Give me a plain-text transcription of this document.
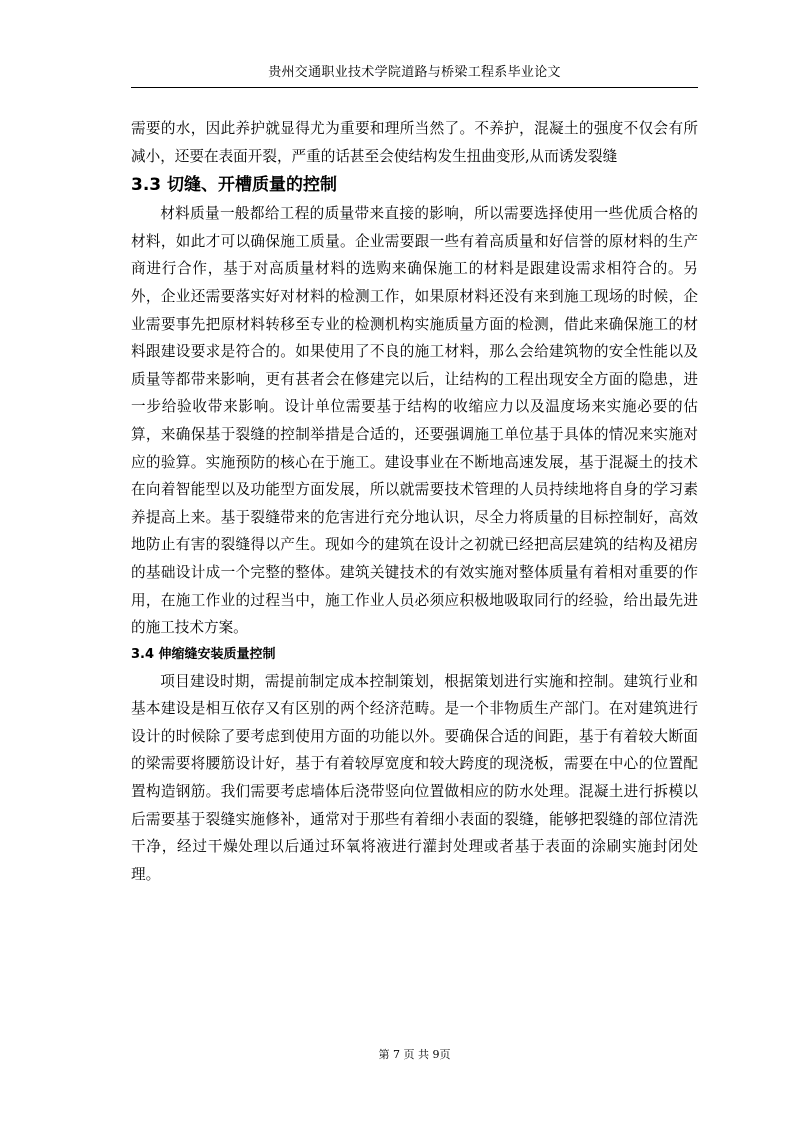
贵州交通职业技术学院道路与桥梁工程系毕业论文

需要的水，因此养护就显得尤为重要和理所当然了。不养护，混凝土的强度不仅会有所减小，还要在表面开裂，严重的话甚至会使结构发生扭曲变形,从而诱发裂缝

3.3 切缝、开槽质量的控制

材料质量一般都给工程的质量带来直接的影响，所以需要选择使用一些优质合格的材料，如此才可以确保施工质量。企业需要跟一些有着高质量和好信誉的原材料的生产商进行合作，基于对高质量材料的选购来确保施工的材料是跟建设需求相符合的。另外，企业还需要落实好对材料的检测工作，如果原材料还没有来到施工现场的时候，企业需要事先把原材料转移至专业的检测机构实施质量方面的检测，借此来确保施工的材料跟建设要求是符合的。如果使用了不良的施工材料，那么会给建筑物的安全性能以及质量等都带来影响，更有甚者会在修建完以后，让结构的工程出现安全方面的隐患，进一步给验收带来影响。设计单位需要基于结构的收缩应力以及温度场来实施必要的估算，来确保基于裂缝的控制举措是合适的，还要强调施工单位基于具体的情况来实施对应的验算。实施预防的核心在于施工。建设事业在不断地高速发展，基于混凝土的技术在向着智能型以及功能型方面发展，所以就需要技术管理的人员持续地将自身的学习素养提高上来。基于裂缝带来的危害进行充分地认识，尽全力将质量的目标控制好，高效地防止有害的裂缝得以产生。现如今的建筑在设计之初就已经把高层建筑的结构及裙房的基础设计成一个完整的整体。建筑关键技术的有效实施对整体质量有着相对重要的作用，在施工作业的过程当中，施工作业人员必须应积极地吸取同行的经验，给出最先进的施工技术方案。

3.4 伸缩缝安装质量控制

项目建设时期，需提前制定成本控制策划，根据策划进行实施和控制。建筑行业和基本建设是相互依存又有区别的两个经济范畴。是一个非物质生产部门。在对建筑进行设计的时候除了要考虑到使用方面的功能以外。要确保合适的间距，基于有着较大断面的梁需要将腰筋设计好，基于有着较厚宽度和较大跨度的现浇板，需要在中心的位置配置构造钢筋。我们需要考虑墙体后浇带竖向位置做相应的防水处理。混凝土进行拆模以后需要基于裂缝实施修补，通常对于那些有着细小表面的裂缝，能够把裂缝的部位清洗干净，经过干燥处理以后通过环氧将液进行灌封处理或者基于表面的涂刷实施封闭处理。

第 7 页 共 9页
